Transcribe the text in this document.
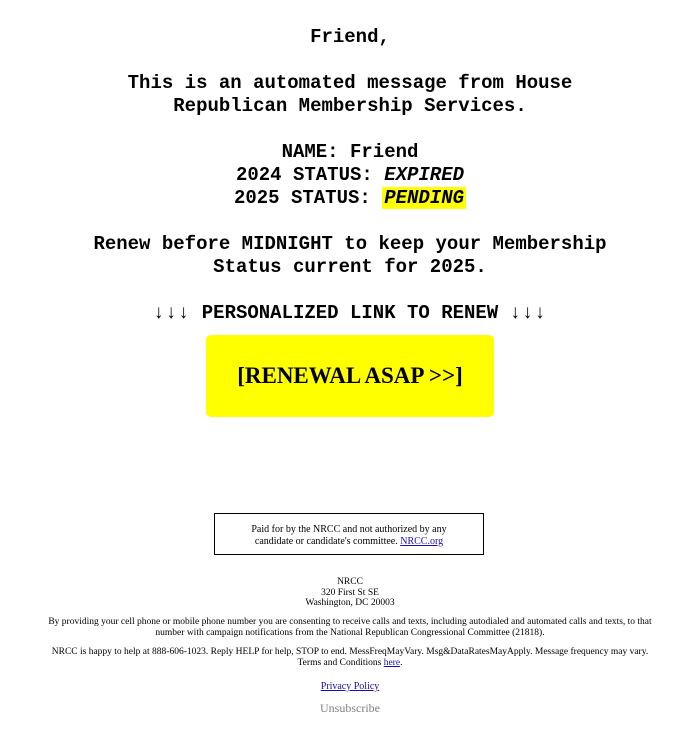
Friend,
This is an automated message from House
Republican Membership Services.
NAME: Friend
2024 STATUS: EXPIRED
2025 STATUS: PENDING
Renew before MIDNIGHT to keep your Membership
Status current for 2025.
↓↓↓ PERSONALIZED LINK TO RENEW ↓↓↓
[RENEWAL ASAP >>]
Paid for by the NRCC and not authorized by any
candidate or candidate's committee. NRCC.org
NRCC
320 First St SE
Washington, DC 20003
By providing your cell phone or mobile phone number you are consenting to receive calls and texts, including autodialed and automated calls and texts, to that number with campaign notifications from the National Republican Congressional Committee (21818).
NRCC is happy to help at 888-606-1023. Reply HELP for help, STOP to end. MessFreqMayVary. Msg&DataRatesMayApply. Message frequency may vary. Terms and Conditions here.
Privacy Policy
Unsubscribe
